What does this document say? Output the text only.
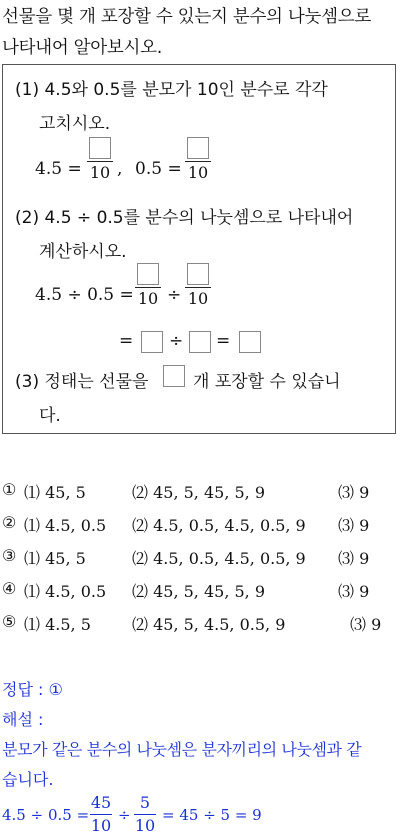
선물을 몇 개 포장할 수 있는지 분수의 나눗셈으로
나타내어 알아보시오.
(1) 4.5와 0.5를 분모가 10인 분수로 각각
고치시오.
4.5 = 10 , 0.5 = 10
(2) 4.5 ÷ 0.5를 분수의 나눗셈으로 나타내어
계산하시오.
4.5 ÷ 0.5 = 10 ÷ 10
= ÷ =
(3) 정태는 선물을	개 포장할 수 있습니
다.
① ⑴ 45, 5	⑵ 45, 5, 45, 5, 9	⑶ 9
② ⑴ 4.5, 0.5 ⑵ 4.5, 0.5, 4.5, 0.5, 9 ⑶ 9
③ ⑴ 45, 5	⑵ 4.5, 0.5, 4.5, 0.5, 9 ⑶ 9
④ ⑴ 4.5, 0.5 ⑵ 45, 5, 45, 5, 9	⑶ 9
⑤ ⑴ 4.5, 5	⑵ 45, 5, 4.5, 0.5, 9	⑶ 9
정답 : ①
해설 :
분모가 같은 분수의 나눗셈은 분자끼리의 나눗셈과 같
습니다.
4.5 ÷ 0.5 =
45
10
÷
5
10
= 45 ÷ 5 = 9
